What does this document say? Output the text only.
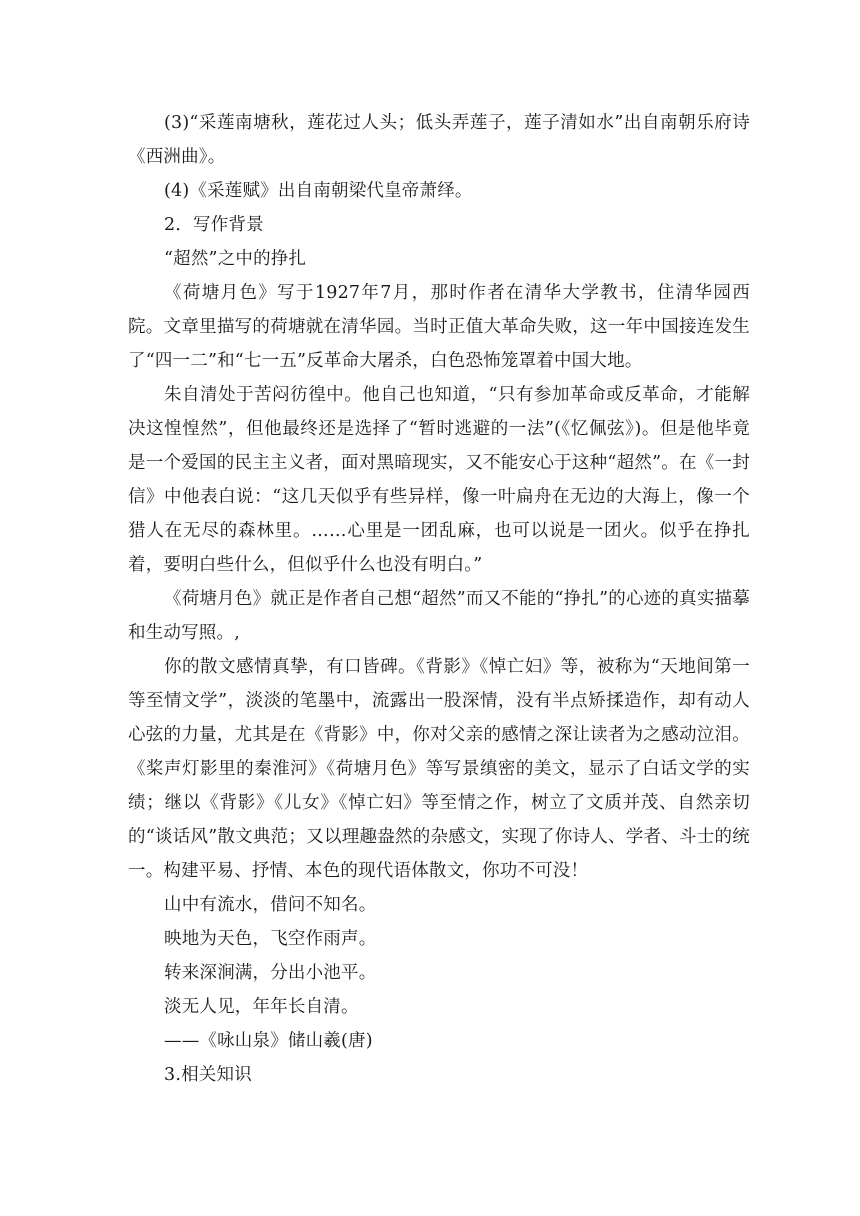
(3)“采莲南塘秋，莲花过人头；低头弄莲子，莲子清如水”出自南朝乐府诗《西洲曲》。

(4)《采莲赋》出自南朝梁代皇帝萧绎。

2．写作背景

“超然”之中的挣扎

《荷塘月色》写于1927年7月，那时作者在清华大学教书，住清华园西院。文章里描写的荷塘就在清华园。当时正值大革命失败，这一年中国接连发生了“四一二”和“七一五”反革命大屠杀，白色恐怖笼罩着中国大地。

朱自清处于苦闷彷徨中。他自己也知道，“只有参加革命或反革命，才能解决这惶惶然”，但他最终还是选择了“暂时逃避的一法”(《忆佩弦》)。但是他毕竟是一个爱国的民主主义者，面对黑暗现实，又不能安心于这种“超然”。在《一封信》中他表白说：“这几天似乎有些异样，像一叶扁舟在无边的大海上，像一个猎人在无尽的森林里。……心里是一团乱麻，也可以说是一团火。似乎在挣扎着，要明白些什么，但似乎什么也没有明白。”

《荷塘月色》就正是作者自己想“超然”而又不能的“挣扎”的心迹的真实描摹和生动写照。,

你的散文感情真挚，有口皆碑。《背影》《悼亡妇》等，被称为“天地间第一等至情文学”，淡淡的笔墨中，流露出一股深情，没有半点矫揉造作，却有动人心弦的力量，尤其是在《背影》中，你对父亲的感情之深让读者为之感动泣泪。《桨声灯影里的秦淮河》《荷塘月色》等写景缜密的美文，显示了白话文学的实绩；继以《背影》《儿女》《悼亡妇》等至情之作，树立了文质并茂、自然亲切的“谈话风”散文典范；又以理趣盎然的杂感文，实现了你诗人、学者、斗士的统一。构建平易、抒情、本色的现代语体散文，你功不可没！

山中有流水，借问不知名。

映地为天色，飞空作雨声。

转来深涧满，分出小池平。

淡无人见，年年长自清。

——《咏山泉》储山羲(唐)

3.相关知识
